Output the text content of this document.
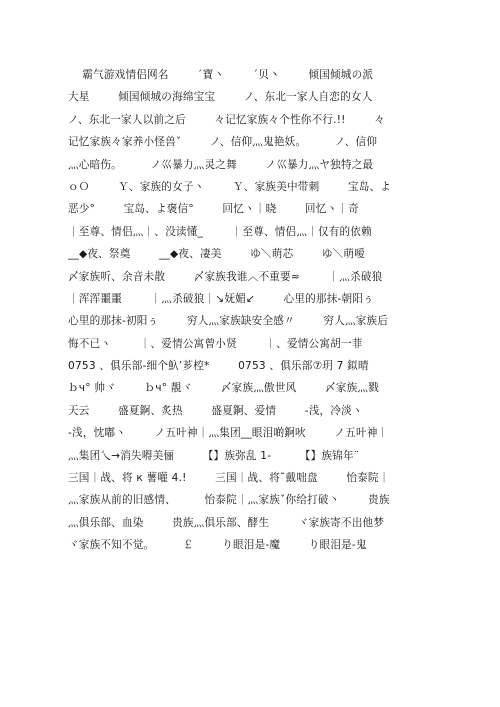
霸气游戏情侣网名        ˊ寶丶        ˊ贝丶        倾国倾城の派
大星        倾国倾城の海绵宝宝        ノ、东北一家人自恋的女人
ノ、东北一家人以前之后        々记忆家族々个性你不行.!!        々
记忆家族々家养小怪兽ˇ        ノ、信仰灬鬼艳妖。        ノ、信仰
灬心暗伤。        ノ巛暴力灬灵之舞        ノ巛暴力灬ヤ独特之最
ｏＯ        Ｙ、家族的女子ヽ        Ｙ、家族美中带刺        宝岛、よ
恶少°        宝岛、よ褒信°        回忆ヽ｜晓        回忆ヽ｜奇
｜至尊、情侣灬｜、没读懂_        ｜至尊、情侣灬｜仅有的依赖
__◆夜、祭奠        __◆夜、凄美        ゆ＼萌芯        ゆ＼萌嗳
〆家族听、余音未散        〆家族我谁︿不重要≈        ｜灬杀破狼
｜浑浑噩噩        ｜灬杀破狼｜↘妩媚↙        心里的那抹-朝阳ぅ
心里的那抹-初阳ぅ        穷人灬家族缺安全感〃        穷人灬家族后
悔不已ヽ        ｜、爱情公寓曾小贤        ｜、爱情公寓胡一菲
0753 、俱乐部-细个魞’芗椌*        0753 、俱乐部⑦玥 7 鉯晴
ｂч° 帅ヾ        ｂч° 靚ヾ        〆家族灬傲世风        〆家族灬戮
天云        盛夏錒、炙热        盛夏錒、爱情        -浅，冷淡ヽ
-浅，忱嘟ヽ        ノ五叶神｜灬集团__眼泪啲錒吙        ノ五叶神｜
灬集团乀→消失嘚美俪        【】族弥乱 1-        【】族锦年¨
三国｜战、将 к 薯嚾 4.!        三国｜战、将˜戴咄盘        怡泰院｜
灬家族从前的旧感情、        怡泰院｜灬家族ˇ你给打破丶        贵族
灬俱乐部、血染        贵族灬俱乐部、酵生        ヾ家族寄不出他梦
ヾ家族不知不觉。        ￡        り眼泪是-魔        り眼泪是-鬼
